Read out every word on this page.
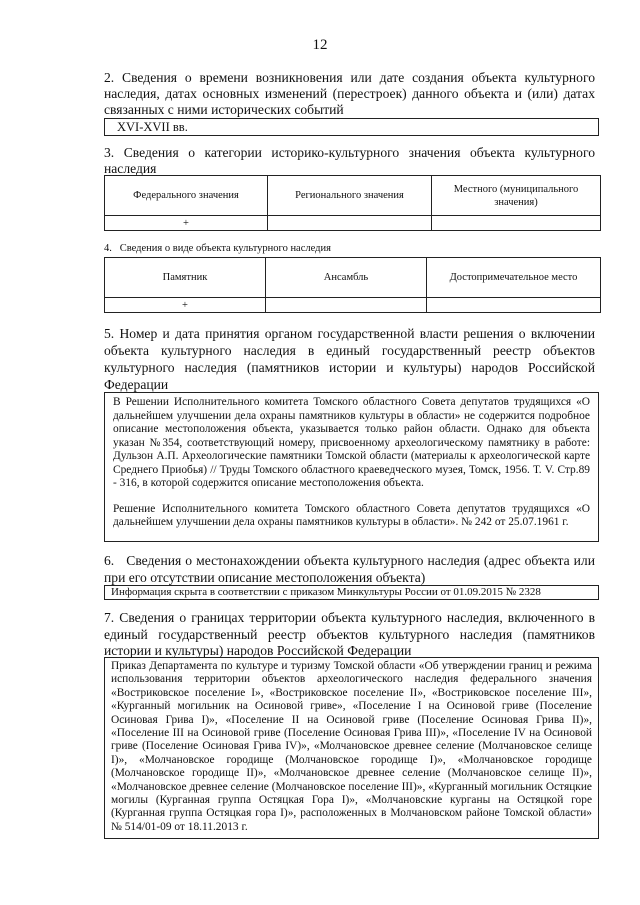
12
2. Сведения о времени возникновения или дате создания объекта культурного наследия, датах основных изменений (перестроек) данного объекта и (или) датах связанных с ними исторических событий
XVI-XVII вв.
3. Сведения о категории историко-культурного значения объекта культурного наследия
Федерального значения	Регионального значения	Местного (муниципального значения)
+		
4.   Сведения о виде объекта культурного наследия
Памятник	Ансамбль	Достопримечательное место
+		
5. Номер и дата принятия органом государственной власти решения о включении объекта культурного наследия в единый государственный реестр объектов культурного наследия (памятников истории и культуры) народов Российской Федерации

В Решении Исполнительного комитета Томского областного Совета депутатов трудящихся «О дальнейшем улучшении дела охраны памятников культуры в области» не содержится подробное описание местоположения объекта, указывается только район области. Однако для объекта указан №354, соответствующий номеру, присвоенному археологическому памятнику в работе: Дульзон А.П. Археологические памятники Томской области (материалы к археологической карте Среднего Приобья) // Труды Томского областного краеведческого музея, Томск, 1956. Т. V. Стр.89 - 316, в которой содержится описание местоположения объекта.

Решение Исполнительного комитета Томского областного Совета депутатов трудящихся «О дальнейшем улучшении дела охраны памятников культуры в области». № 242 от 25.07.1961 г.

6.   Сведения о местонахождении объекта культурного наследия (адрес объекта или при его отсутствии описание местоположения объекта)
Информация скрыта в соответствии с приказом Минкультуры России от 01.09.2015 № 2328
7. Сведения о границах территории объекта культурного наследия, включенного в единый государственный реестр объектов культурного наследия (памятников истории и культуры) народов Российской Федерации
Приказ Департамента по культуре и туризму Томской области «Об утверждении границ и режима использования территории объектов археологического наследия федерального значения «Востриковское поселение I», «Востриковское поселение II», «Востриковское поселение III», «Курганный могильник на Осиновой гриве», «Поселение I на Осиновой гриве (Поселение Осиновая Грива I)», «Поселение II на Осиновой гриве (Поселение Осиновая Грива II)», «Поселение III на Осиновой гриве (Поселение Осиновая Грива III)», «Поселение IV на Осиновой гриве (Поселение Осиновая Грива IV)», «Молчановское древнее селение (Молчановское селище I)», «Молчановское городище (Молчановское городище I)», «Молчановское городище (Молчановское городище II)», «Молчановское древнее селение (Молчановское селище II)», «Молчановское древнее селение (Молчановское поселение III)», «Курганный могильник Остяцкие могилы (Курганная группа Остяцкая Гора I)», «Молчановские курганы на Остяцкой горе (Курганная группа Остяцкая гора I)», расположенных в Молчановском районе Томской области» № 514/01-09 от 18.11.2013 г.
